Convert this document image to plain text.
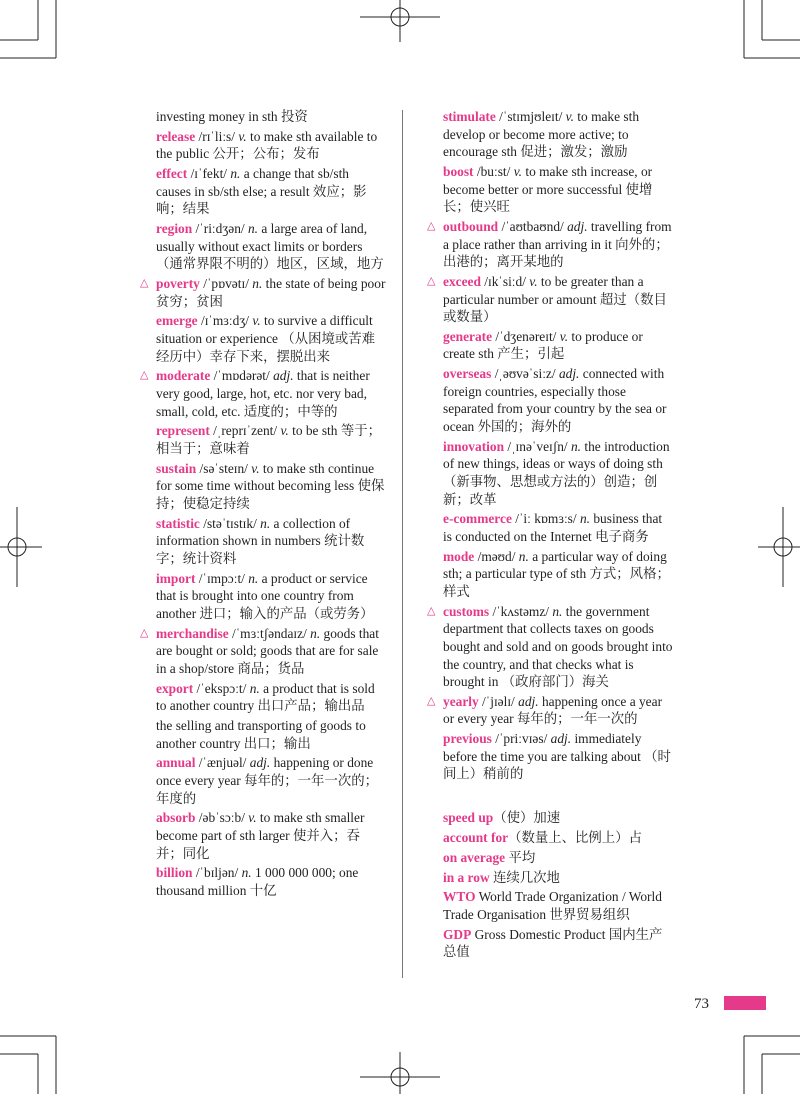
investing money in sth 投资
release /rɪˈliːs/ v. to make sth available to the public 公开；公布；发布
effect /ɪˈfekt/ n. a change that sb/sth causes in sb/sth else; a result 效应；影响；结果
region /ˈriːdʒən/ n. a large area of land, usually without exact limits or borders （通常界限不明的）地区，区域，地方
△ poverty /ˈpɒvətɪ/ n. the state of being poor 贫穷；贫困
emerge /ɪˈmɜːdʒ/ v. to survive a difficult situation or experience （从困境或苦难经历中）幸存下来，摆脱出来
△ moderate /ˈmɒdərət/ adj. that is neither very good, large, hot, etc. nor very bad, small, cold, etc. 适度的；中等的
represent /ˌreprɪˈzent/ v. to be sth 等于；相当于；意味着
sustain /səˈsteɪn/ v. to make sth continue for some time without becoming less 使保持；使稳定持续
statistic /stəˈtɪstɪk/ n. a collection of information shown in numbers 统计数字；统计资料
import /ˈɪmpɔːt/ n. a product or service that is brought into one country from another 进口；输入的产品（或劳务）
△ merchandise /ˈmɜːtʃəndaɪz/ n. goods that are bought or sold; goods that are for sale in a shop/store 商品；货品
export /ˈekspɔːt/ n. a product that is sold to another country 出口产品；输出品
the selling and transporting of goods to another country 出口；输出
annual /ˈænjuəl/ adj. happening or done once every year 每年的；一年一次的；年度的
absorb /əbˈsɔːb/ v. to make sth smaller become part of sth larger 使并入；吞并；同化
billion /ˈbɪljən/ n. 1 000 000 000; one thousand million 十亿
stimulate /ˈstɪmjʊleɪt/ v. to make sth develop or become more active; to encourage sth 促进；激发；激励
boost /buːst/ v. to make sth increase, or become better or more successful 使增长；使兴旺
△ outbound /ˈaʊtbaʊnd/ adj. travelling from a place rather than arriving in it 向外的；出港的；离开某地的
△ exceed /ɪkˈsiːd/ v. to be greater than a particular number or amount 超过（数目或数量）
generate /ˈdʒenəreɪt/ v. to produce or create sth 产生；引起
overseas /ˌəʊvəˈsiːz/ adj. connected with foreign countries, especially those separated from your country by the sea or ocean 外国的；海外的
innovation /ˌɪnəˈveɪʃn/ n. the introduction of new things, ideas or ways of doing sth （新事物、思想或方法的）创造；创新；改革
e-commerce /ˈiː kɒmɜːs/ n. business that is conducted on the Internet 电子商务
mode /məʊd/ n. a particular way of doing sth; a particular type of sth 方式；风格；样式
△ customs /ˈkʌstəmz/ n. the government department that collects taxes on goods bought and sold and on goods brought into the country, and that checks what is brought in （政府部门）海关
△ yearly /ˈjɪəlɪ/ adj. happening once a year or every year 每年的；一年一次的
previous /ˈpriːvɪəs/ adj. immediately before the time you are talking about （时间上）稍前的
speed up（使）加速
account for（数量上、比例上）占
on average 平均
in a row 连续几次地
WTO World Trade Organization / World Trade Organisation 世界贸易组织
GDP Gross Domestic Product 国内生产总值
73
